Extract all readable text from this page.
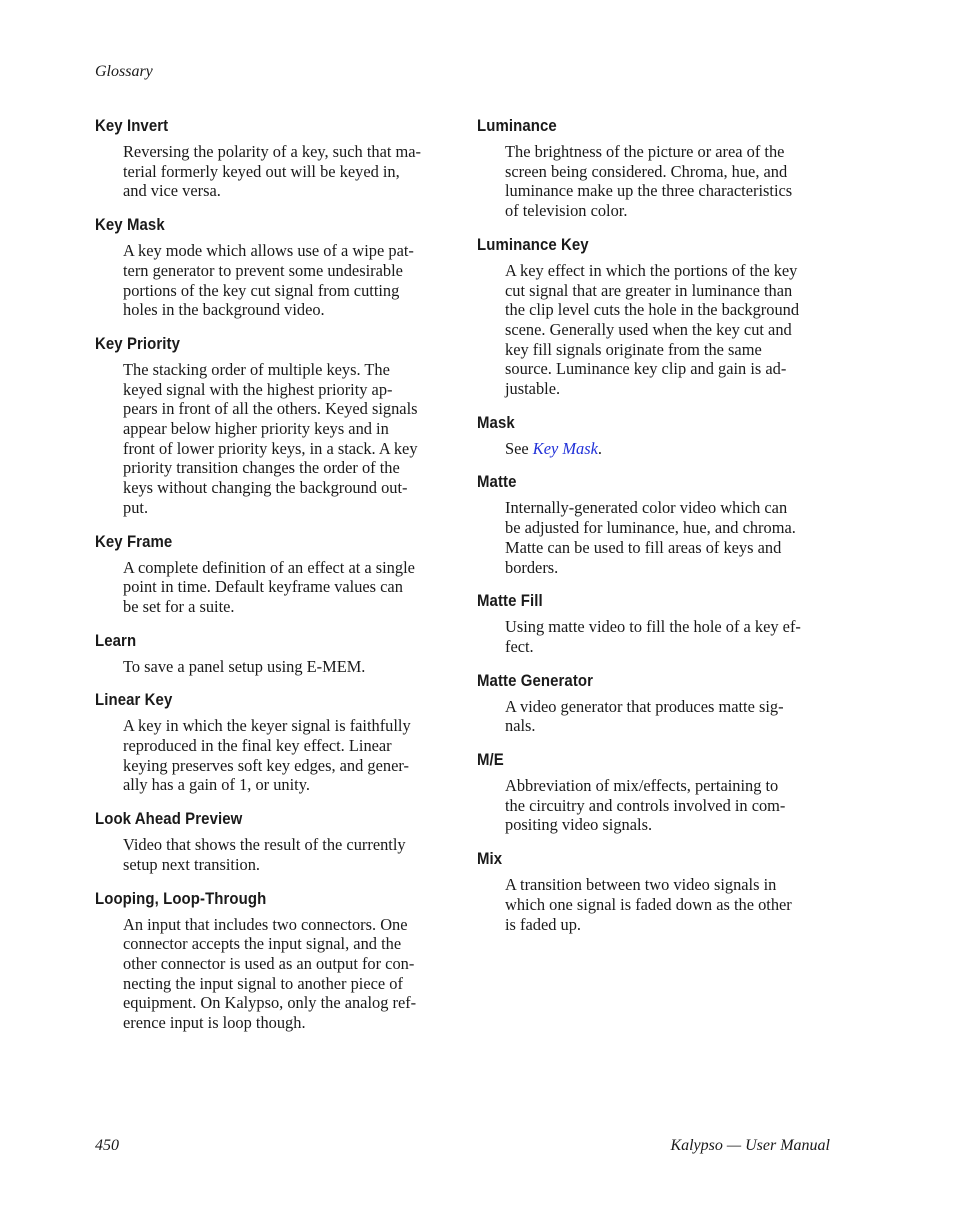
Glossary
Key Invert
Reversing the polarity of a key, such that ma-
terial formerly keyed out will be keyed in,
and vice versa.
Key Mask
A key mode which allows use of a wipe pat-
tern generator to prevent some undesirable
portions of the key cut signal from cutting
holes in the background video.
Key Priority
The stacking order of multiple keys. The
keyed signal with the highest priority ap-
pears in front of all the others. Keyed signals
appear below higher priority keys and in
front of lower priority keys, in a stack. A key
priority transition changes the order of the
keys without changing the background out-
put.
Key Frame
A complete definition of an effect at a single
point in time. Default keyframe values can
be set for a suite.
Learn
To save a panel setup using E-MEM.
Linear Key
A key in which the keyer signal is faithfully
reproduced in the final key effect. Linear
keying preserves soft key edges, and gener-
ally has a gain of 1, or unity.
Look Ahead Preview
Video that shows the result of the currently
setup next transition.
Looping, Loop-Through
An input that includes two connectors. One
connector accepts the input signal, and the
other connector is used as an output for con-
necting the input signal to another piece of
equipment. On Kalypso, only the analog ref-
erence input is loop though.
Luminance
The brightness of the picture or area of the
screen being considered. Chroma, hue, and
luminance make up the three characteristics
of television color.
Luminance Key
A key effect in which the portions of the key
cut signal that are greater in luminance than
the clip level cuts the hole in the background
scene. Generally used when the key cut and
key fill signals originate from the same
source. Luminance key clip and gain is ad-
justable.
Mask
See Key Mask.
Matte
Internally-generated color video which can
be adjusted for luminance, hue, and chroma.
Matte can be used to fill areas of keys and
borders.
Matte Fill
Using matte video to fill the hole of a key ef-
fect.
Matte Generator
A video generator that produces matte sig-
nals.
M/E
Abbreviation of mix/effects, pertaining to
the circuitry and controls involved in com-
positing video signals.
Mix
A transition between two video signals in
which one signal is faded down as the other
is faded up.
450	Kalypso — User Manual
